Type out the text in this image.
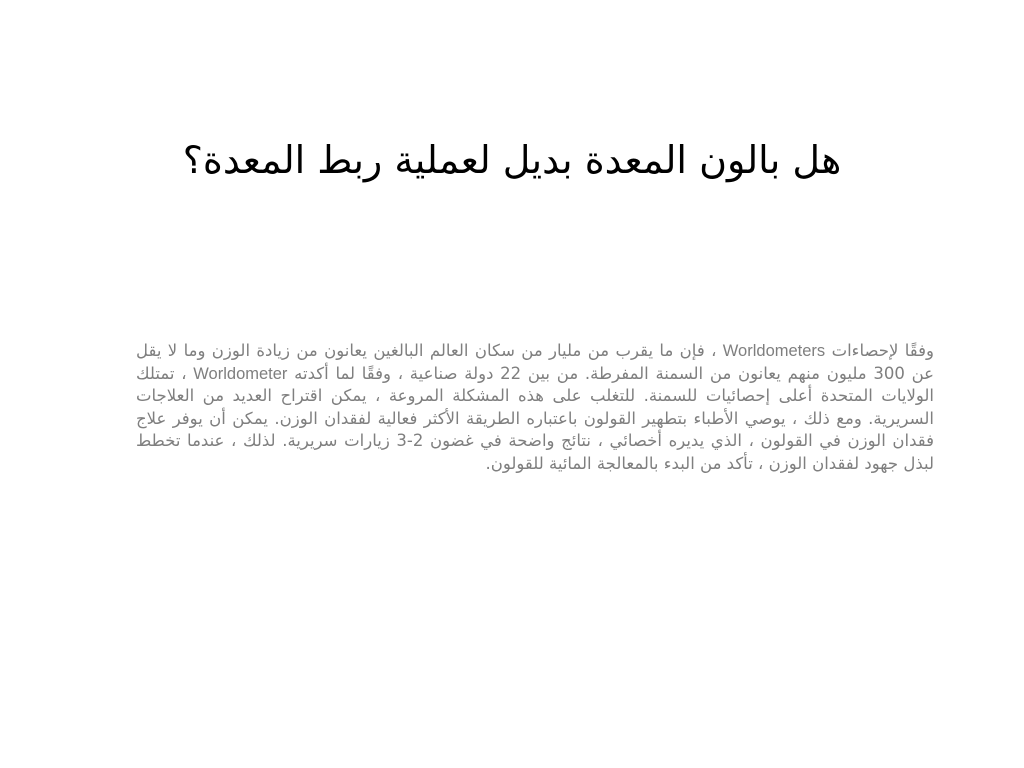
هل بالون المعدة بديل لعملية ربط المعدة؟
وفقًا لإحصاءات Worldometers ، فإن ما يقرب من مليار من سكان العالم البالغين يعانون من زيادة الوزن وما لا يقل عن 300 مليون منهم يعانون من السمنة المفرطة. من بين 22 دولة صناعية ، وفقًا لما أكدته Worldometer ، تمتلك الولايات المتحدة أعلى إحصائيات للسمنة. للتغلب على هذه المشكلة المروعة ، يمكن اقتراح العديد من العلاجات السريرية. ومع ذلك ، يوصي الأطباء بتطهير القولون باعتباره الطريقة الأكثر فعالية لفقدان الوزن. يمكن أن يوفر علاج فقدان الوزن في القولون ، الذي يديره أخصائي ، نتائج واضحة في غضون 2-3 زيارات سريرية. لذلك ، عندما تخطط لبذل جهود لفقدان الوزن ، تأكد من البدء بالمعالجة المائية للقولون.
